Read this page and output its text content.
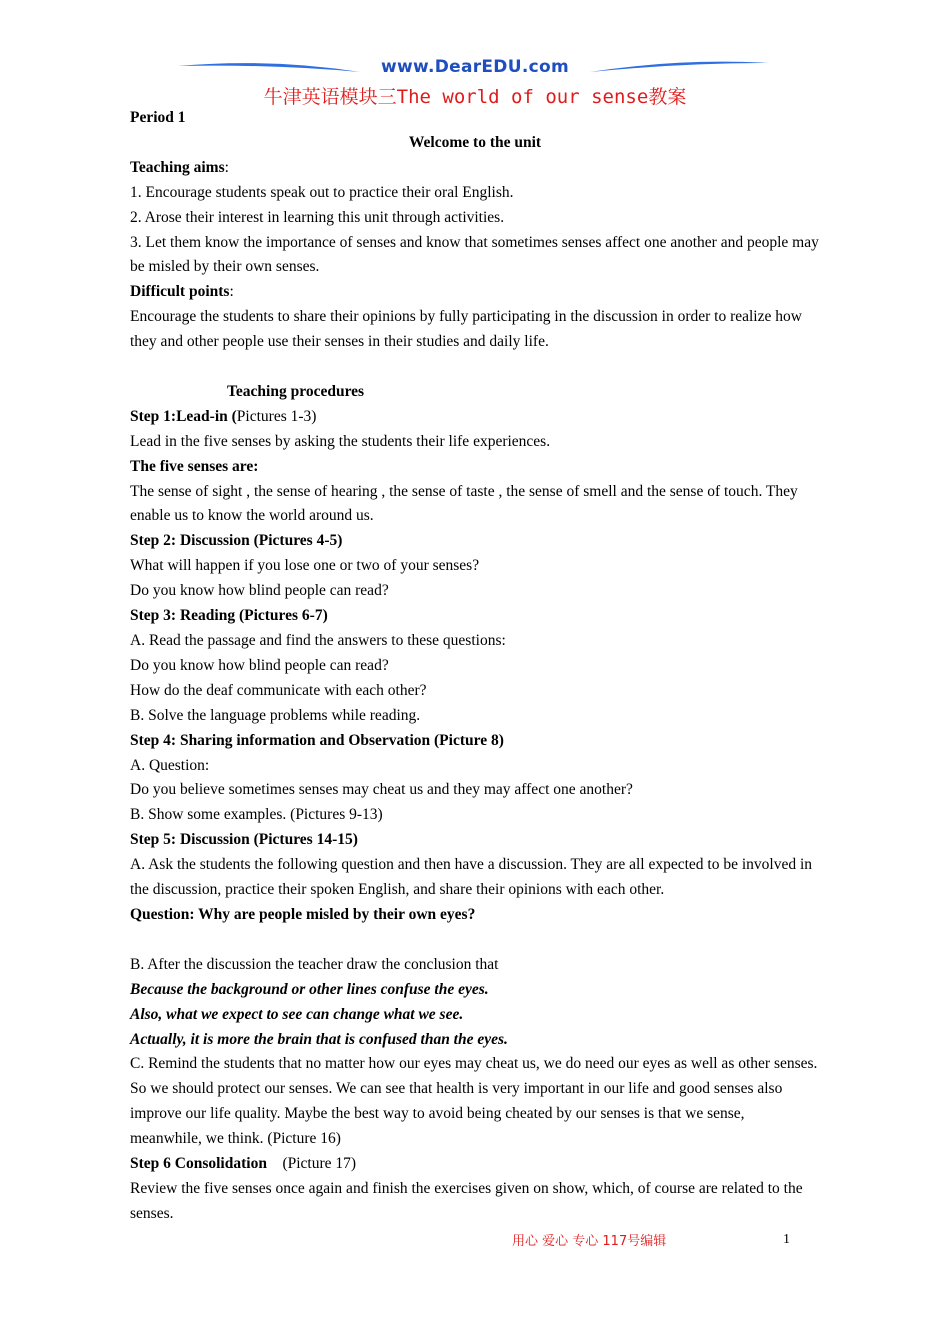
www.DearEDU.com
牛津英语模块三The world of our sense教案

Period 1

Welcome to the unit

Teaching aims:

1. Encourage students speak out to practice their oral English.

2. Arose their interest in learning this unit through activities.

3. Let them know the importance of senses and know that sometimes senses affect one another and people may be misled by their own senses.

Difficult points:

Encourage the students to share their opinions by fully participating in the discussion in order to realize how they and other people use their senses in their studies and daily life.

Teaching procedures

Step 1:Lead-in (Pictures 1-3)

Lead in the five senses by asking the students their life experiences.

The five senses are:

The sense of sight , the sense of hearing , the sense of taste , the sense of smell and the sense of touch. They enable us to know the world around us.

Step 2: Discussion (Pictures 4-5)

What will happen if you lose one or two of your senses?

Do you know how blind people can read?

Step 3: Reading (Pictures 6-7)

A. Read the passage and find the answers to these questions:

Do you know how blind people can read?

How do the deaf communicate with each other?

B. Solve the language problems while reading.

Step 4: Sharing information and Observation (Picture 8)

A. Question:

Do you believe sometimes senses may cheat us and they may affect one another?

B. Show some examples. (Pictures 9-13)

Step 5: Discussion (Pictures 14-15)

A. Ask the students the following question and then have a discussion. They are all expected to be involved in the discussion, practice their spoken English, and share their opinions with each other.

Question: Why are people misled by their own eyes?

B. After the discussion the teacher draw the conclusion that

Because the background or other lines confuse the eyes.

Also, what we expect to see can change what we see.

Actually, it is more the brain that is confused than the eyes.

C. Remind the students that no matter how our eyes may cheat us, we do need our eyes as well as other senses. So we should protect our senses. We can see that health is very important in our life and good senses also improve our life quality. Maybe the best way to avoid being cheated by our senses is that we sense, meanwhile, we think. (Picture 16)

Step 6 Consolidation    (Picture 17)

Review the five senses once again and finish the exercises given on show, which, of course are related to the senses.

用心 爱心 专心 117号编辑	1
